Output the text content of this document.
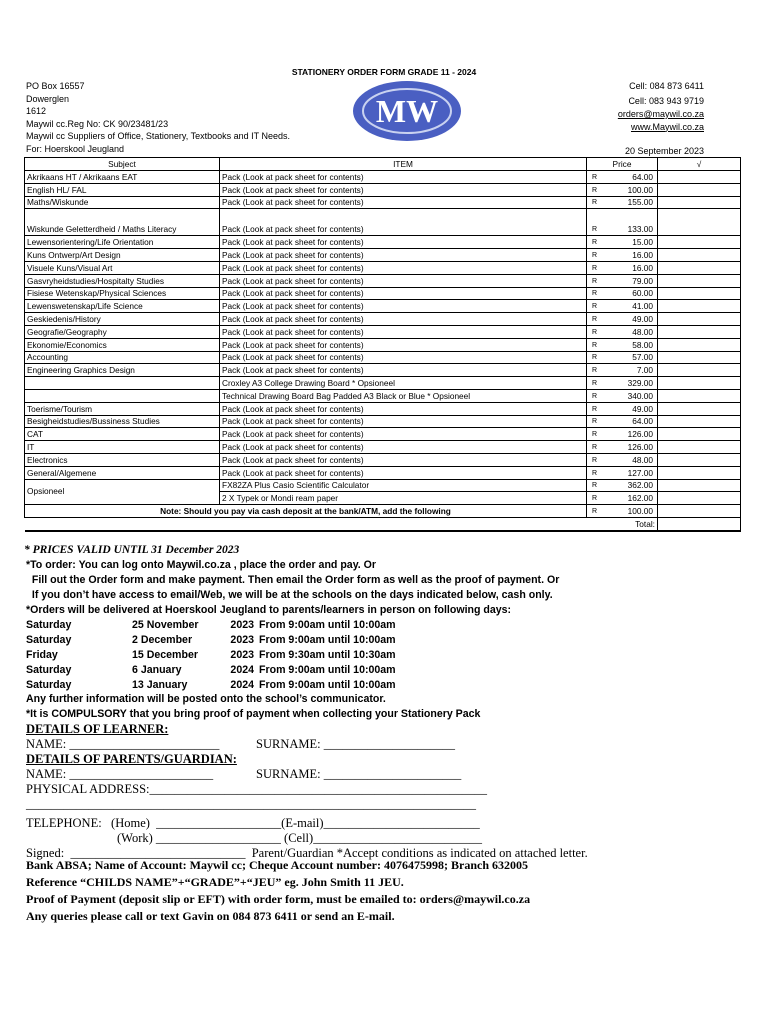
STATIONERY ORDER FORM GRADE 11 - 2024
PO Box 16557
Dowerglen
1612
Maywil cc.Reg No: CK 90/23481/23
Maywil cc Suppliers of Office, Stationery, Textbooks and IT Needs.
For: Hoerskool Jeugland
MW
Cell: 084 873 6411
Cell: 083 943 9719
orders@maywil.co.za
www.Maywil.co.za
20 September 2023
Subject	ITEM	Price		√
Akrikaans HT / Akrikaans EAT	Pack (Look at pack sheet for contents)	R	64.00	
English HL/ FAL	Pack (Look at pack sheet for contents)	R	100.00	
Maths/Wiskunde	Pack (Look at pack sheet for contents)	R	155.00	
Wiskunde Geletterdheid / Maths Literacy	Pack (Look at pack sheet for contents)	R	133.00	
Lewensorientering/Life Orientation	Pack (Look at pack sheet for contents)	R	15.00	
Kuns Ontwerp/Art Design	Pack (Look at pack sheet for contents)	R	16.00	
Visuele Kuns/Visual Art	Pack (Look at pack sheet for contents)	R	16.00	
Gasvryheidstudies/Hospitalty Studies	Pack (Look at pack sheet for contents)	R	79.00	
Fisiese Wetenskap/Physical Sciences	Pack (Look at pack sheet for contents)	R	60.00	
Lewenswetenskap/Life Science	Pack (Look at pack sheet for contents)	R	41.00	
Geskiedenis/History	Pack (Look at pack sheet for contents)	R	49.00	
Geografie/Geography	Pack (Look at pack sheet for contents)	R	48.00	
Ekonomie/Economics	Pack (Look at pack sheet for contents)	R	58.00	
Accounting	Pack (Look at pack sheet for contents)	R	57.00	
Engineering Graphics Design	Pack (Look at pack sheet for contents)	R	7.00	
	Croxley A3 College Drawing Board * Opsioneel	R	329.00	
	Technical Drawing Board Bag Padded A3 Black or Blue * Opsioneel	R	340.00	
Toerisme/Tourism	Pack (Look at pack sheet for contents)	R	49.00	
Besigheidstudies/Bussiness Studies	Pack (Look at pack sheet for contents)	R	64.00	
CAT	Pack (Look at pack sheet for contents)	R	126.00	
IT	Pack (Look at pack sheet for contents)	R	126.00	
Electronics	Pack (Look at pack sheet for contents)	R	48.00	
General/Algemene	Pack (Look at pack sheet for contents)	R	127.00	
Opsioneel	FX82ZA Plus Casio Scientific Calculator	R	362.00	
	2 X Typek or Mondi ream paper	R	162.00	
Note: Should you pay via cash deposit at the bank/ATM, add the following		R	100.00	
Total:				
* PRICES VALID UNTIL 31 December 2023
*To order: You can log onto Maywil.co.za , place the order and pay. Or
Fill out the Order form and make payment. Then email the Order form as well as the proof of payment. Or
If you don’t have access to email/Web, we will be at the schools on the days indicated below, cash only.
*Orders will be delivered at Hoerskool Jeugland to parents/learners in person on following days:
Saturday	25 November	2023	From 9:00am until 10:00am
Saturday	2 December	2023	From 9:00am until 10:00am
Friday	15 December	2023	From 9:30am until 10:30am
Saturday	6 January	2024	From 9:00am until 10:00am
Saturday	13 January	2024	From 9:00am until 10:00am
Any further information will be posted onto the school’s communicator.
*It is COMPULSORY that you bring proof of payment when collecting your Stationery Pack
DETAILS OF LEARNER:
NAME: ________________________	SURNAME: _____________________
DETAILS OF PARENTS/GUARDIAN:
NAME: _______________________	SURNAME: ______________________
PHYSICAL ADDRESS:______________________________________________________
________________________________________________________________________
TELEPHONE:   (Home)  ____________________(E-mail)_________________________
(Work) ____________________ (Cell)___________________________
Signed:  ____________________________  Parent/Guardian *Accept conditions as indicated on attached letter.
Bank ABSA; Name of Account: Maywil cc; Cheque Account number: 4076475998; Branch 632005
Reference “CHILDS NAME”+“GRADE”+“JEU” eg. John Smith 11 JEU.
Proof of Payment (deposit slip or EFT) with order form, must be emailed to: orders@maywil.co.za
Any queries please call or text Gavin on 084 873 6411 or send an E-mail.
